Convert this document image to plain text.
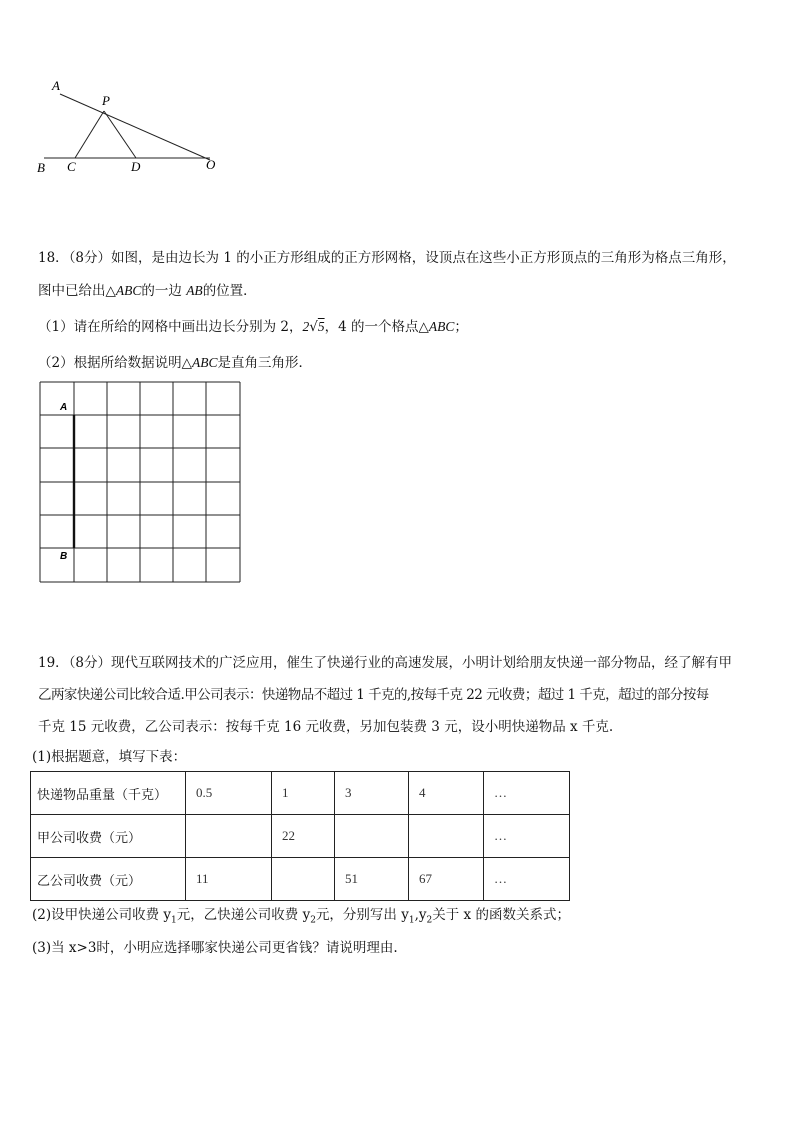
A
P
B C	D	O
18．（8分）如图，是由边长为 1 的小正方形组成的正方形网格，设顶点在这些小正方形顶点的三角形为格点三角形，
图中已给出△ABC的一边 AB的位置．
（1）请在所给的网格中画出边长分别为 2，2√5，4 的一个格点△ABC；
（2）根据所给数据说明△ABC是直角三角形．
A
B
19．（8分）现代互联网技术的广泛应用，催生了快递行业的高速发展，小明计划给朋友快递一部分物品，经了解有甲
乙两家快递公司比较合适.甲公司表示：快递物品不超过 1 千克的,按每千克 22 元收费；超过 1 千克，超过的部分按每
千克 15 元收费，乙公司表示：按每千克 16 元收费，另加包装费 3 元，设小明快递物品 x 千克.
(1)根据题意，填写下表：
快递物品重量（千克）	0.5	1	3	4	…
甲公司收费（元）		22			…
乙公司收费（元）	11		51	67	…
(2)设甲快递公司收费 $y_1$元，乙快递公司收费 $y_2$元，分别写出 $y_1,y_2$关于 x 的函数关系式；
(3)当 x>3时，小明应选择哪家快递公司更省钱？请说明理由.
